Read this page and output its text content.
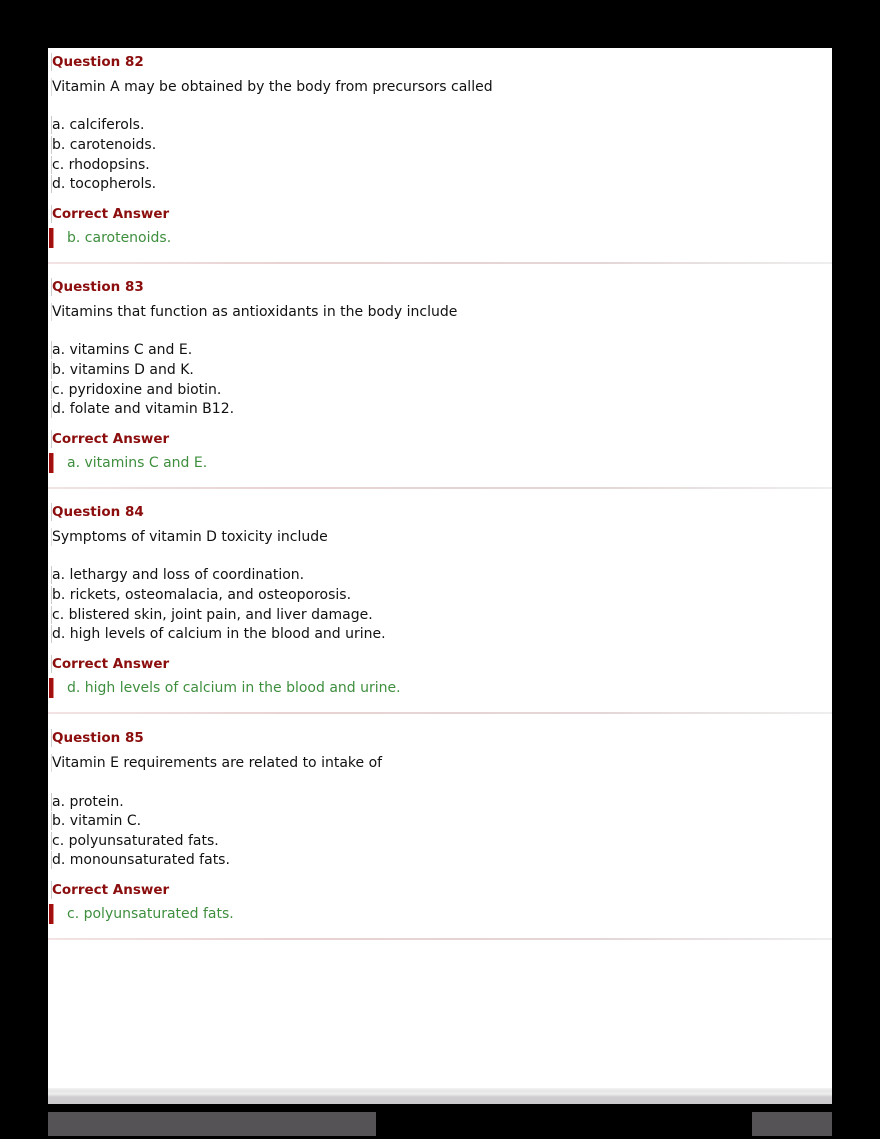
Question 82
Vitamin A may be obtained by the body from precursors called
a. calciferols.
b. carotenoids.
c. rhodopsins.
d. tocopherols.
Correct Answer
b. carotenoids.
Question 83
Vitamins that function as antioxidants in the body include
a. vitamins C and E.
b. vitamins D and K.
c. pyridoxine and biotin.
d. folate and vitamin B12.
Correct Answer
a. vitamins C and E.
Question 84
Symptoms of vitamin D toxicity include
a. lethargy and loss of coordination.
b. rickets, osteomalacia, and osteoporosis.
c. blistered skin, joint pain, and liver damage.
d. high levels of calcium in the blood and urine.
Correct Answer
d. high levels of calcium in the blood and urine.
Question 85
Vitamin E requirements are related to intake of
a. protein.
b. vitamin C.
c. polyunsaturated fats.
d. monounsaturated fats.
Correct Answer
c. polyunsaturated fats.
